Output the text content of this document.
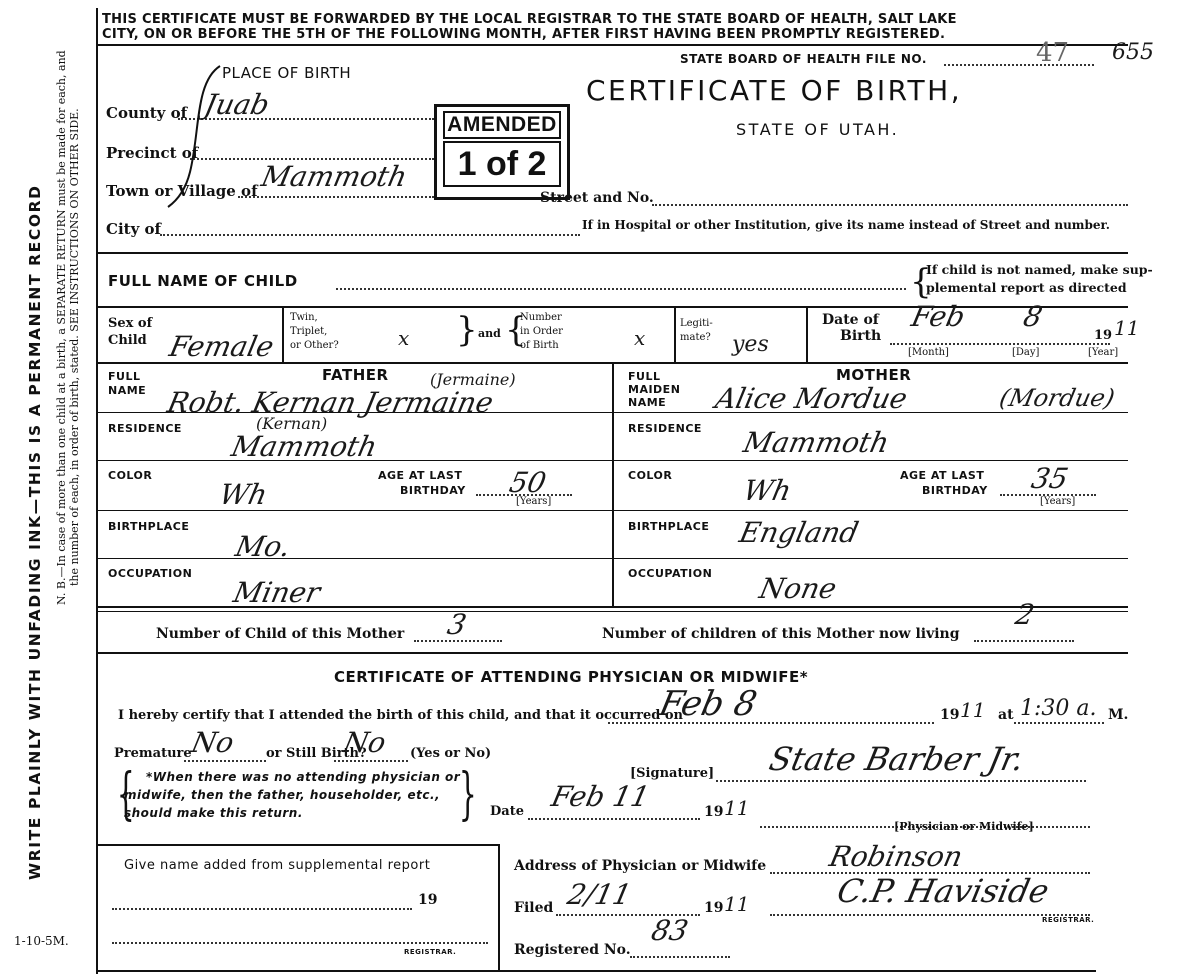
1-10-5M.
WRITE PLAINLY WITH UNFADING INK—THIS IS A PERMANENT RECORD N. B.—In case of more than one child at a birth, a SEPARATE RETURN must be made for each, and the number of each, in order of birth, stated. SEE INSTRUCTIONS ON OTHER SIDE.
THIS CERTIFICATE MUST BE FORWARDED BY THE LOCAL REGISTRAR TO THE STATE BOARD OF HEALTH, SALT LAKE
CITY, ON OR BEFORE THE 5TH OF THE FOLLOWING MONTH, AFTER FIRST HAVING BEEN PROMPTLY REGISTERED.
STATE BOARD OF HEALTH FILE NO.	47 655
CERTIFICATE OF BIRTH,
STATE OF UTAH.
PLACE OF BIRTH
County of Juab
Precinct of
Town or Village of Mammoth
City of
Street and No.
If in Hospital or other Institution, give its name instead of Street and number.
AMENDED
1 of 2
FULL NAME OF CHILD	{
If child is not named, make sup-
plemental report as directed
Sex of
Child Female
Twin,
Triplet,
or Other?	x } and {
Number
in Order
of Birth	x
Legiti-
mate? yes
Date of
Birth
Feb 8
19 11
[Month]	[Day]	[Year]
FATHER
FULL
NAME Robt. Kernan Jermaine
(Jermaine)
RESIDENCE	(Kernan)
Mammoth
COLOR
Wh
AGE AT LAST
BIRTHDAY 50
[Years]
BIRTHPLACE
Mo.
OCCUPATION
Miner
MOTHER
FULL
MAIDEN
NAME Alice Mordue	(Mordue)
RESIDENCE Mammoth
COLOR Wh	AGE AT LAST
BIRTHDAY 35
[Years]
BIRTHPLACE England
OCCUPATION None
Number of Child of this Mother 3	Number of children of this Mother now living
2
CERTIFICATE OF ATTENDING PHYSICIAN OR MIDWIFE*
I hereby certify that I attended the birth of this child, and that it occurred on
Feb 8	19 11 at 1:30 a. M.
Premature
No or Still Birth?
No (Yes or No)
{ *When there was no attending physician or
midwife, then the father, householder, etc.,
should make this return.	}	[Signature] State Barber Jr.
Date Feb 11	19 11
[Physician or Midwife]
Give name added from supplemental report
19
REGISTRAR.
Address of Physician or Midwife Robinson
Filed 2/11	19 11	C.P. Haviside
REGISTRAR.
Registered No.
83
